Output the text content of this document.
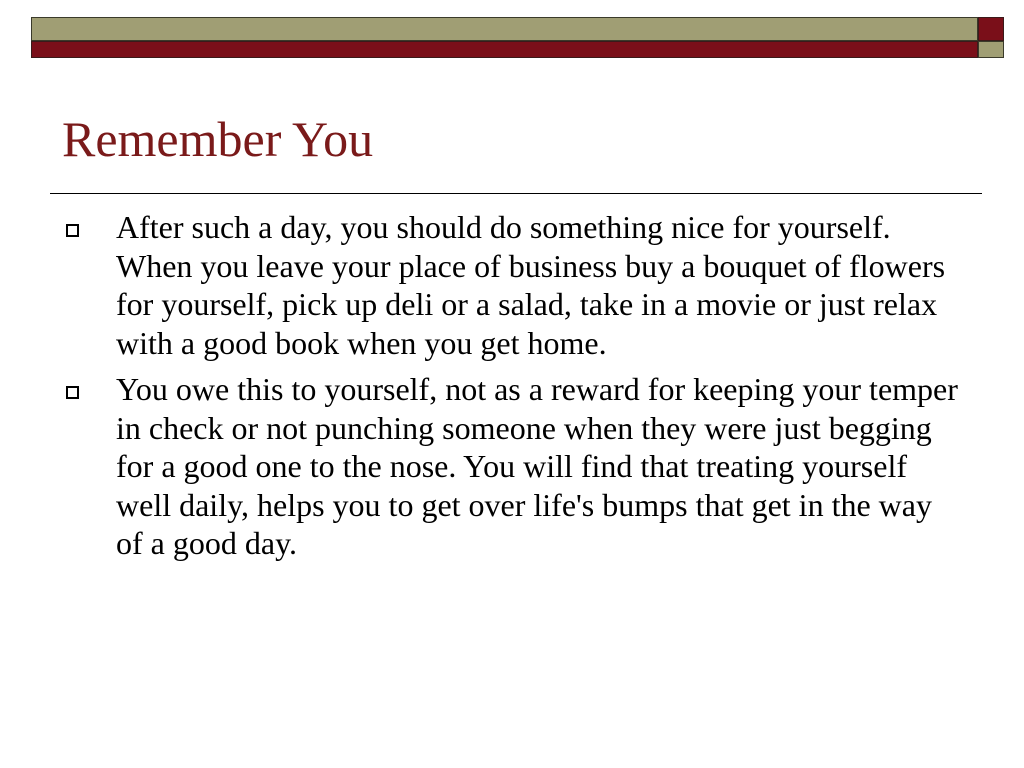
Remember You
After such a day, you should do something nice for yourself. When you leave your place of business buy a bouquet of flowers for yourself, pick up deli or a salad, take in a movie or just relax with a good book when you get home.
You owe this to yourself, not as a reward for keeping your temper in check or not punching someone when they were just begging for a good one to the nose. You will find that treating yourself well daily, helps you to get over life's bumps that get in the way of a good day.
